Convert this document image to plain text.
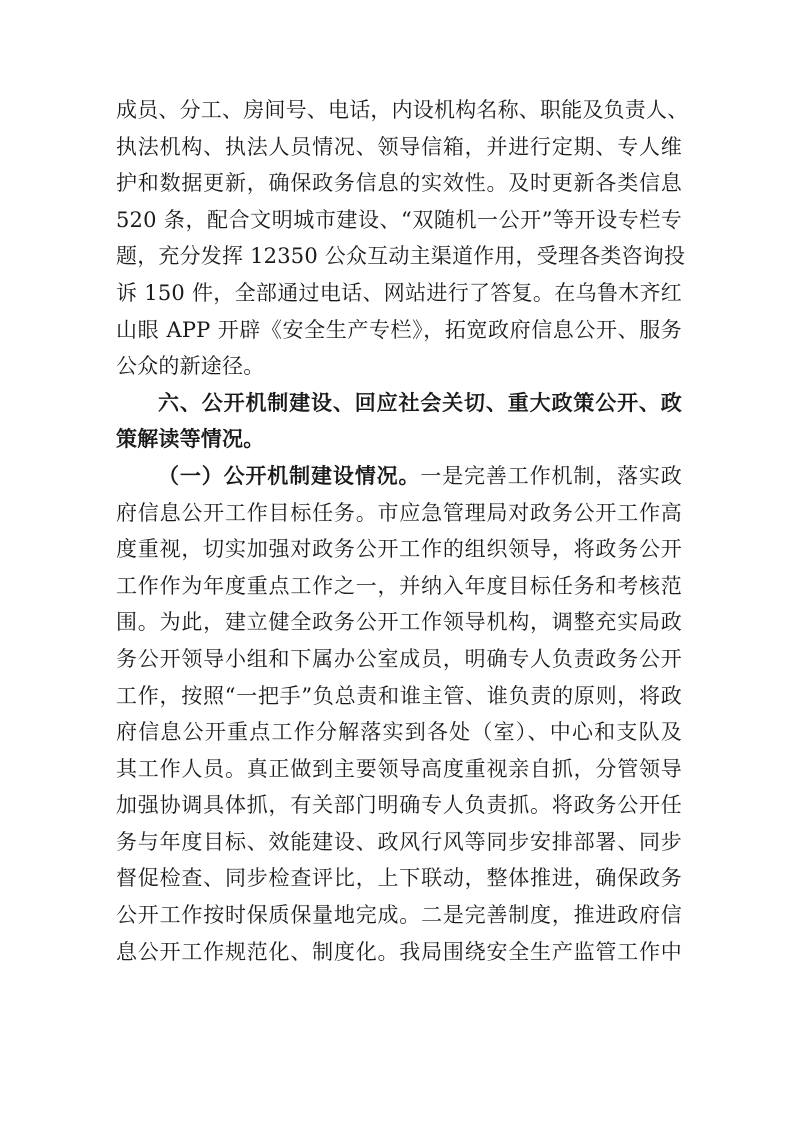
成员、分工、房间号、电话，内设机构名称、职能及负责人、
执法机构、执法人员情况、领导信箱，并进行定期、专人维
护和数据更新，确保政务信息的实效性。及时更新各类信息
520 条，配合文明城市建设、“双随机一公开”等开设专栏专
题，充分发挥 12350 公众互动主渠道作用，受理各类咨询投
诉 150 件，全部通过电话、网站进行了答复。在乌鲁木齐红
山眼 APP 开辟《安全生产专栏》，拓宽政府信息公开、服务
公众的新途径。
六、公开机制建设、回应社会关切、重大政策公开、政
策解读等情况。
（一）公开机制建设情况。一是完善工作机制，落实政
府信息公开工作目标任务。市应急管理局对政务公开工作高
度重视，切实加强对政务公开工作的组织领导，将政务公开
工作作为年度重点工作之一，并纳入年度目标任务和考核范
围。为此，建立健全政务公开工作领导机构，调整充实局政
务公开领导小组和下属办公室成员，明确专人负责政务公开
工作，按照“一把手”负总责和谁主管、谁负责的原则，将政
府信息公开重点工作分解落实到各处（室）、中心和支队及
其工作人员。真正做到主要领导高度重视亲自抓，分管领导
加强协调具体抓，有关部门明确专人负责抓。将政务公开任
务与年度目标、效能建设、政风行风等同步安排部署、同步
督促检查、同步检查评比，上下联动，整体推进，确保政务
公开工作按时保质保量地完成。二是完善制度，推进政府信
息公开工作规范化、制度化。我局围绕安全生产监管工作中
